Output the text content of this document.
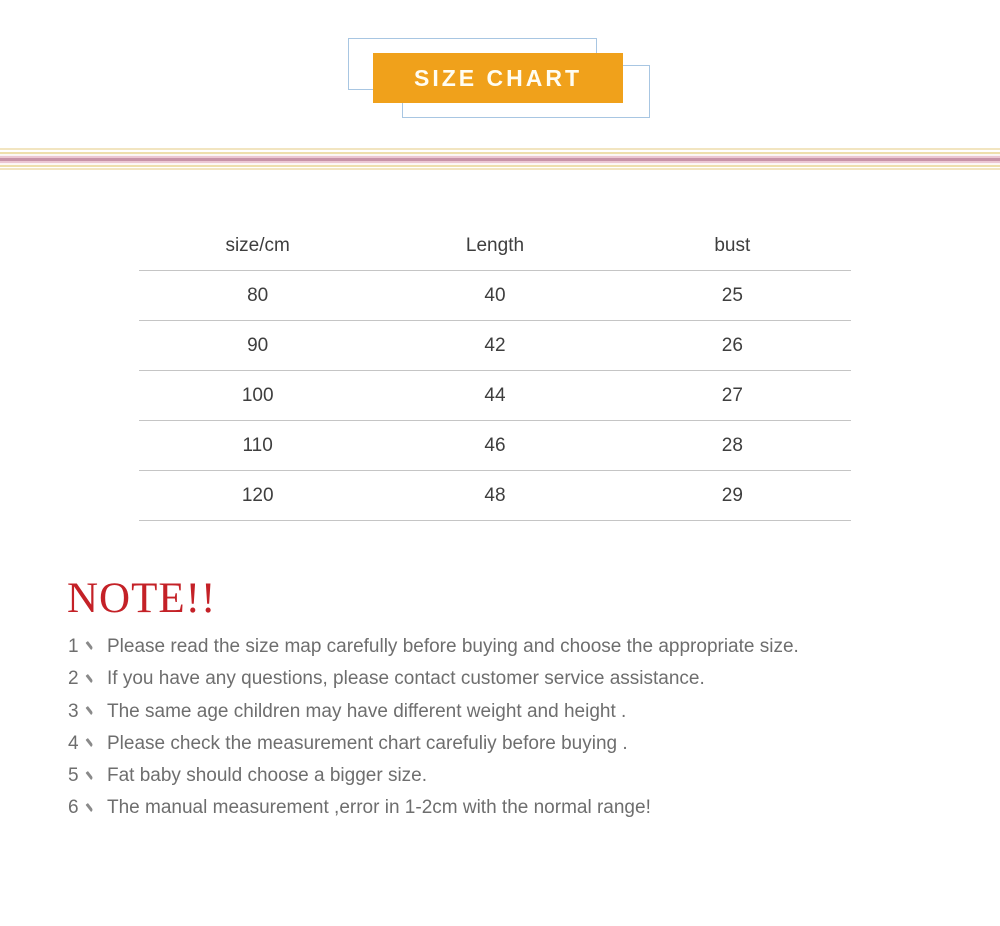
SIZE CHART
size/cm	Length	bust
80	40	25
90	42	26
100	44	27
110	46	28
120	48	29
NOTE!!
1 Please read the size map carefully before buying and choose the appropriate size.
2 If you have any questions, please contact customer service assistance.
3 The same age children may have different weight and height .
4 Please check the measurement chart carefuliy before buying .
5 Fat baby should choose a bigger size.
6 The manual measurement ,error in 1-2cm with the normal range!
